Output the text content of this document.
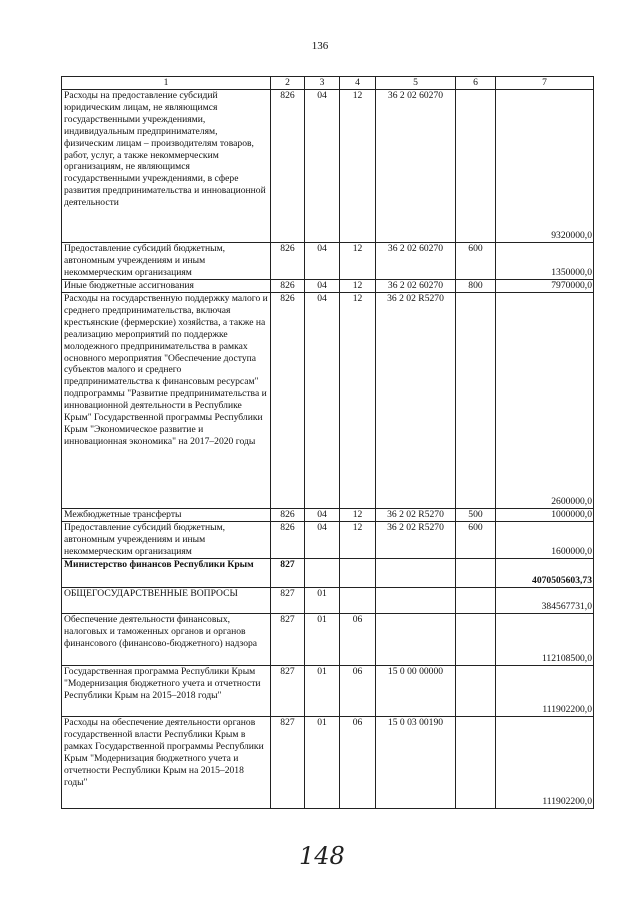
136
1	2	3	4	5	6	7
Расходы на предоставление субсидий юридическим лицам, не являющимся государственными учреждениями, индивидуальным предпринимателям, физическим лицам – производителям товаров, работ, услуг, а также некоммерческим организациям, не являющимся государственными учреждениями, в сфере развития предпринимательства и инновационной деятельности	826	04	12	36 2 02 60270		9320000,0
Предоставление субсидий бюджетным, автономным учреждениям и иным некоммерческим организациям	826	04	12	36 2 02 60270	600	1350000,0
Иные бюджетные ассигнования	826	04	12	36 2 02 60270	800	7970000,0
Расходы на государственную поддержку малого и среднего предпринимательства, включая крестьянские (фермерские) хозяйства, а также на реализацию мероприятий по поддержке молодежного предпринимательства в рамках основного мероприятия "Обеспечение доступа субъектов малого и среднего предпринимательства к финансовым ресурсам" подпрограммы "Развитие предпринимательства и инновационной деятельности в Республике Крым" Государственной программы Республики Крым "Экономическое развитие и инновационная экономика" на 2017–2020 годы	826	04	12	36 2 02 R5270		2600000,0
Межбюджетные трансферты	826	04	12	36 2 02 R5270	500	1000000,0
Предоставление субсидий бюджетным, автономным учреждениям и иным некоммерческим организациям	826	04	12	36 2 02 R5270	600	1600000,0
Министерство финансов Республики Крым	827					4070505603,73
ОБЩЕГОСУДАРСТВЕННЫЕ ВОПРОСЫ	827	01				384567731,0
Обеспечение деятельности финансовых, налоговых и таможенных органов и органов финансового (финансово-бюджетного) надзора	827	01	06			112108500,0
Государственная программа Республики Крым "Модернизация бюджетного учета и отчетности Республики Крым на 2015–2018 годы"	827	01	06	15 0 00 00000		111902200,0
Расходы на обеспечение деятельности органов государственной власти Республики Крым в рамках Государственной программы Республики Крым "Модернизация бюджетного учета и отчетности Республики Крым на 2015–2018 годы"	827	01	06	15 0 03 00190		111902200,0
148
